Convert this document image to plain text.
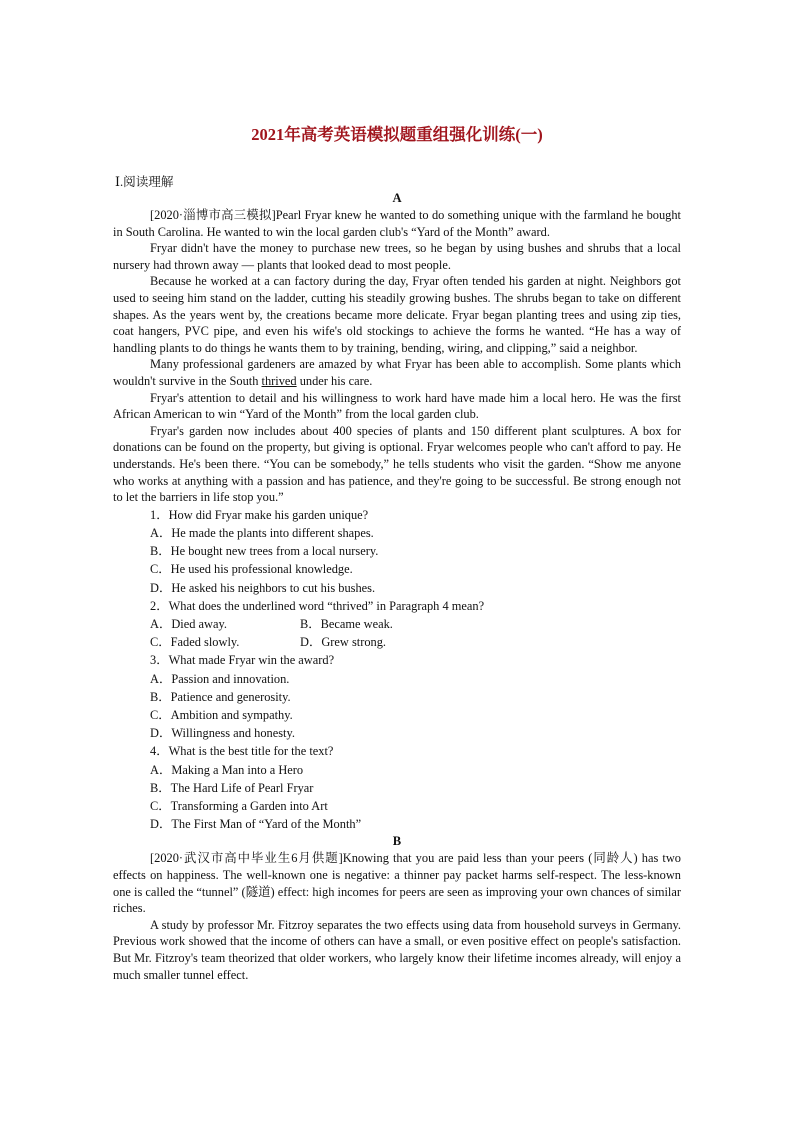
2021年高考英语模拟题重组强化训练(一)
Ⅰ.阅读理解
A

[2020·淄博市高三模拟]Pearl Fryar knew he wanted to do something unique with the farmland he bought in South Carolina. He wanted to win the local garden club's “Yard of the Month” award.

Fryar didn't have the money to purchase new trees, so he began by using bushes and shrubs that a local nursery had thrown away — plants that looked dead to most people.

Because he worked at a can factory during the day, Fryar often tended his garden at night. Neighbors got used to seeing him stand on the ladder, cutting his steadily growing bushes. The shrubs began to take on different shapes. As the years went by, the creations became more delicate. Fryar began planting trees and using zip ties, coat hangers, PVC pipe, and even his wife's old stockings to achieve the forms he wanted. “He has a way of handling plants to do things he wants them to by training, bending, wiring, and clipping,” said a neighbor.

Many professional gardeners are amazed by what Fryar has been able to accomplish. Some plants which wouldn't survive in the South thrived under his care.

Fryar's attention to detail and his willingness to work hard have made him a local hero. He was the first African American to win “Yard of the Month” from the local garden club.

Fryar's garden now includes about 400 species of plants and 150 different plant sculptures. A box for donations can be found on the property, but giving is optional. Fryar welcomes people who can't afford to pay. He understands. He's been there. “You can be somebody,” he tells students who visit the garden. “Show me anyone who works at anything with a passion and has patience, and they're going to be successful. Be strong enough not to let the barriers in life stop you.”

1．How did Fryar make his garden unique?

A．He made the plants into different shapes.

B．He bought new trees from a local nursery.

C．He used his professional knowledge.

D．He asked his neighbors to cut his bushes.

2．What does the underlined word “thrived” in Paragraph 4 mean?

A．Died away.	B．Became weak.
C．Faded slowly.	D．Grew strong.

3．What made Fryar win the award?

A．Passion and innovation.

B．Patience and generosity.

C．Ambition and sympathy.

D．Willingness and honesty.

4．What is the best title for the text?

A．Making a Man into a Hero

B．The Hard Life of Pearl Fryar

C．Transforming a Garden into Art

D．The First Man of “Yard of the Month”

B

[2020·武汉市高中毕业生6月供题]Knowing that you are paid less than your peers (同龄人) has two effects on happiness. The well-known one is negative: a thinner pay packet harms self-respect. The less-known one is called the “tunnel” (隧道) effect: high incomes for peers are seen as improving your own chances of similar riches.

A study by professor Mr. Fitzroy separates the two effects using data from household surveys in Germany. Previous work showed that the income of others can have a small, or even positive effect on people's satisfaction. But Mr. Fitzroy's team theorized that older workers, who largely know their lifetime incomes already, will enjoy a much smaller tunnel effect.
